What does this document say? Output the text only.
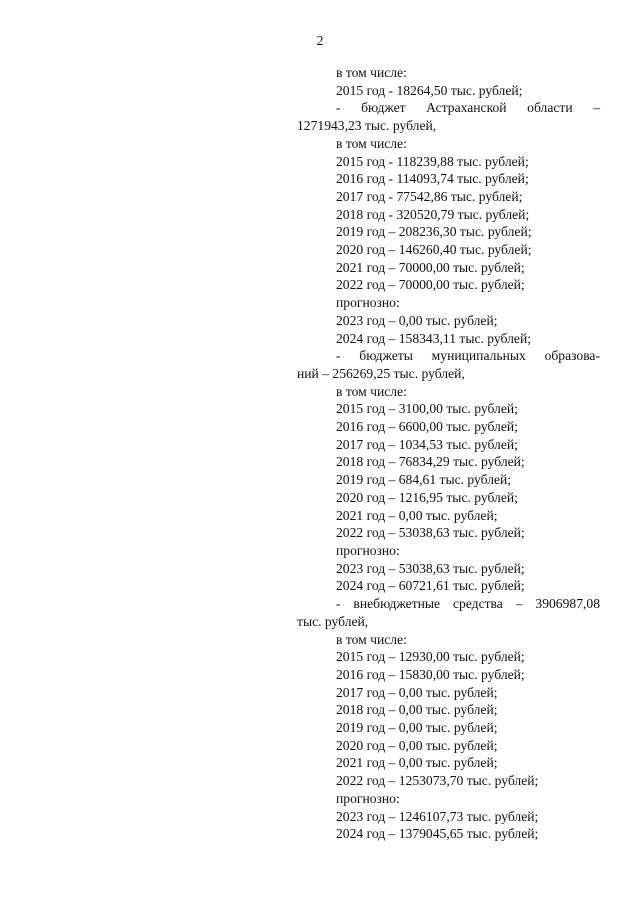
2
в том числе:
2015 год - 18264,50 тыс. рублей;
- бюджет Астраханской области –
1271943,23 тыс. рублей,
в том числе:
2015 год - 118239,88 тыс. рублей;
2016 год - 114093,74 тыс. рублей;
2017 год - 77542,86 тыс. рублей;
2018 год - 320520,79 тыс. рублей;
2019 год – 208236,30 тыс. рублей;
2020 год – 146260,40 тыс. рублей;
2021 год – 70000,00 тыс. рублей;
2022 год – 70000,00 тыс. рублей;
прогнозно:
2023 год – 0,00 тыс. рублей;
2024 год – 158343,11 тыс. рублей;
- бюджеты муниципальных образова-
ний – 256269,25 тыс. рублей,
в том числе:
2015 год – 3100,00 тыс. рублей;
2016 год – 6600,00 тыс. рублей;
2017 год – 1034,53 тыс. рублей;
2018 год – 76834,29 тыс. рублей;
2019 год – 684,61 тыс. рублей;
2020 год – 1216,95 тыс. рублей;
2021 год – 0,00 тыс. рублей;
2022 год – 53038,63 тыс. рублей;
прогнозно:
2023 год – 53038,63 тыс. рублей;
2024 год – 60721,61 тыс. рублей;
- внебюджетные средства – 3906987,08
тыс. рублей,
в том числе:
2015 год – 12930,00 тыс. рублей;
2016 год – 15830,00 тыс. рублей;
2017 год – 0,00 тыс. рублей;
2018 год – 0,00 тыс. рублей;
2019 год – 0,00 тыс. рублей;
2020 год – 0,00 тыс. рублей;
2021 год – 0,00 тыс. рублей;
2022 год – 1253073,70 тыс. рублей;
прогнозно:
2023 год – 1246107,73 тыс. рублей;
2024 год – 1379045,65 тыс. рублей;
